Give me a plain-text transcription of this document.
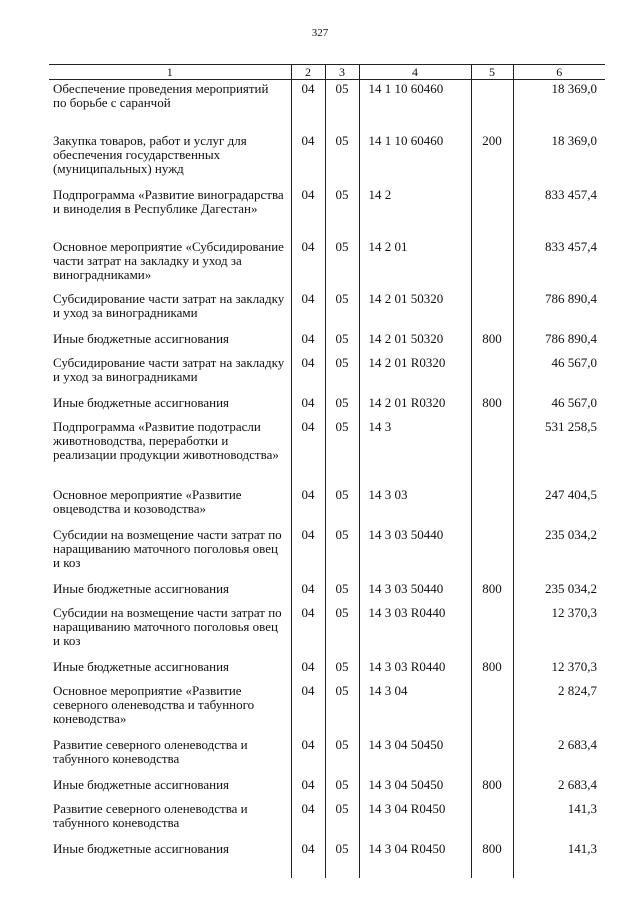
327
1	2	3	4	5	6
Обеспечение проведения мероприятий по борьбе с саранчой	04	05	14 1 10 60460		18 369,0
Закупка товаров, работ и услуг для обеспечения государственных (муниципальных) нужд	04	05	14 1 10 60460	200	18 369,0
Подпрограмма «Развитие виноградарства и виноделия в Республике Дагестан»	04	05	14 2		833 457,4
Основное мероприятие «Субсидирование части затрат на закладку и уход за виноградниками»	04	05	14 2 01		833 457,4
Субсидирование части затрат на закладку и уход за виноградниками	04	05	14 2 01 50320		786 890,4
Иные бюджетные ассигнования	04	05	14 2 01 50320	800	786 890,4
Субсидирование части затрат на закладку и уход за виноградниками	04	05	14 2 01 R0320		46 567,0
Иные бюджетные ассигнования	04	05	14 2 01 R0320	800	46 567,0
Подпрограмма «Развитие подотрасли животноводства, переработки и реализации продукции животноводства»	04	05	14 3		531 258,5
Основное мероприятие «Развитие овцеводства и козоводства»	04	05	14 3 03		247 404,5
Субсидии на возмещение части затрат по наращиванию маточного поголовья овец и коз	04	05	14 3 03 50440		235 034,2
Иные бюджетные ассигнования	04	05	14 3 03 50440	800	235 034,2
Субсидии на возмещение части затрат по наращиванию маточного поголовья овец и коз	04	05	14 3 03 R0440		12 370,3
Иные бюджетные ассигнования	04	05	14 3 03 R0440	800	12 370,3
Основное мероприятие «Развитие северного оленеводства и табунного коневодства»	04	05	14 3 04		2 824,7
Развитие северного оленеводства и табунного коневодства	04	05	14 3 04 50450		2 683,4
Иные бюджетные ассигнования	04	05	14 3 04 50450	800	2 683,4
Развитие северного оленеводства и табунного коневодства	04	05	14 3 04 R0450		141,3
Иные бюджетные ассигнования	04	05	14 3 04 R0450	800	141,3
